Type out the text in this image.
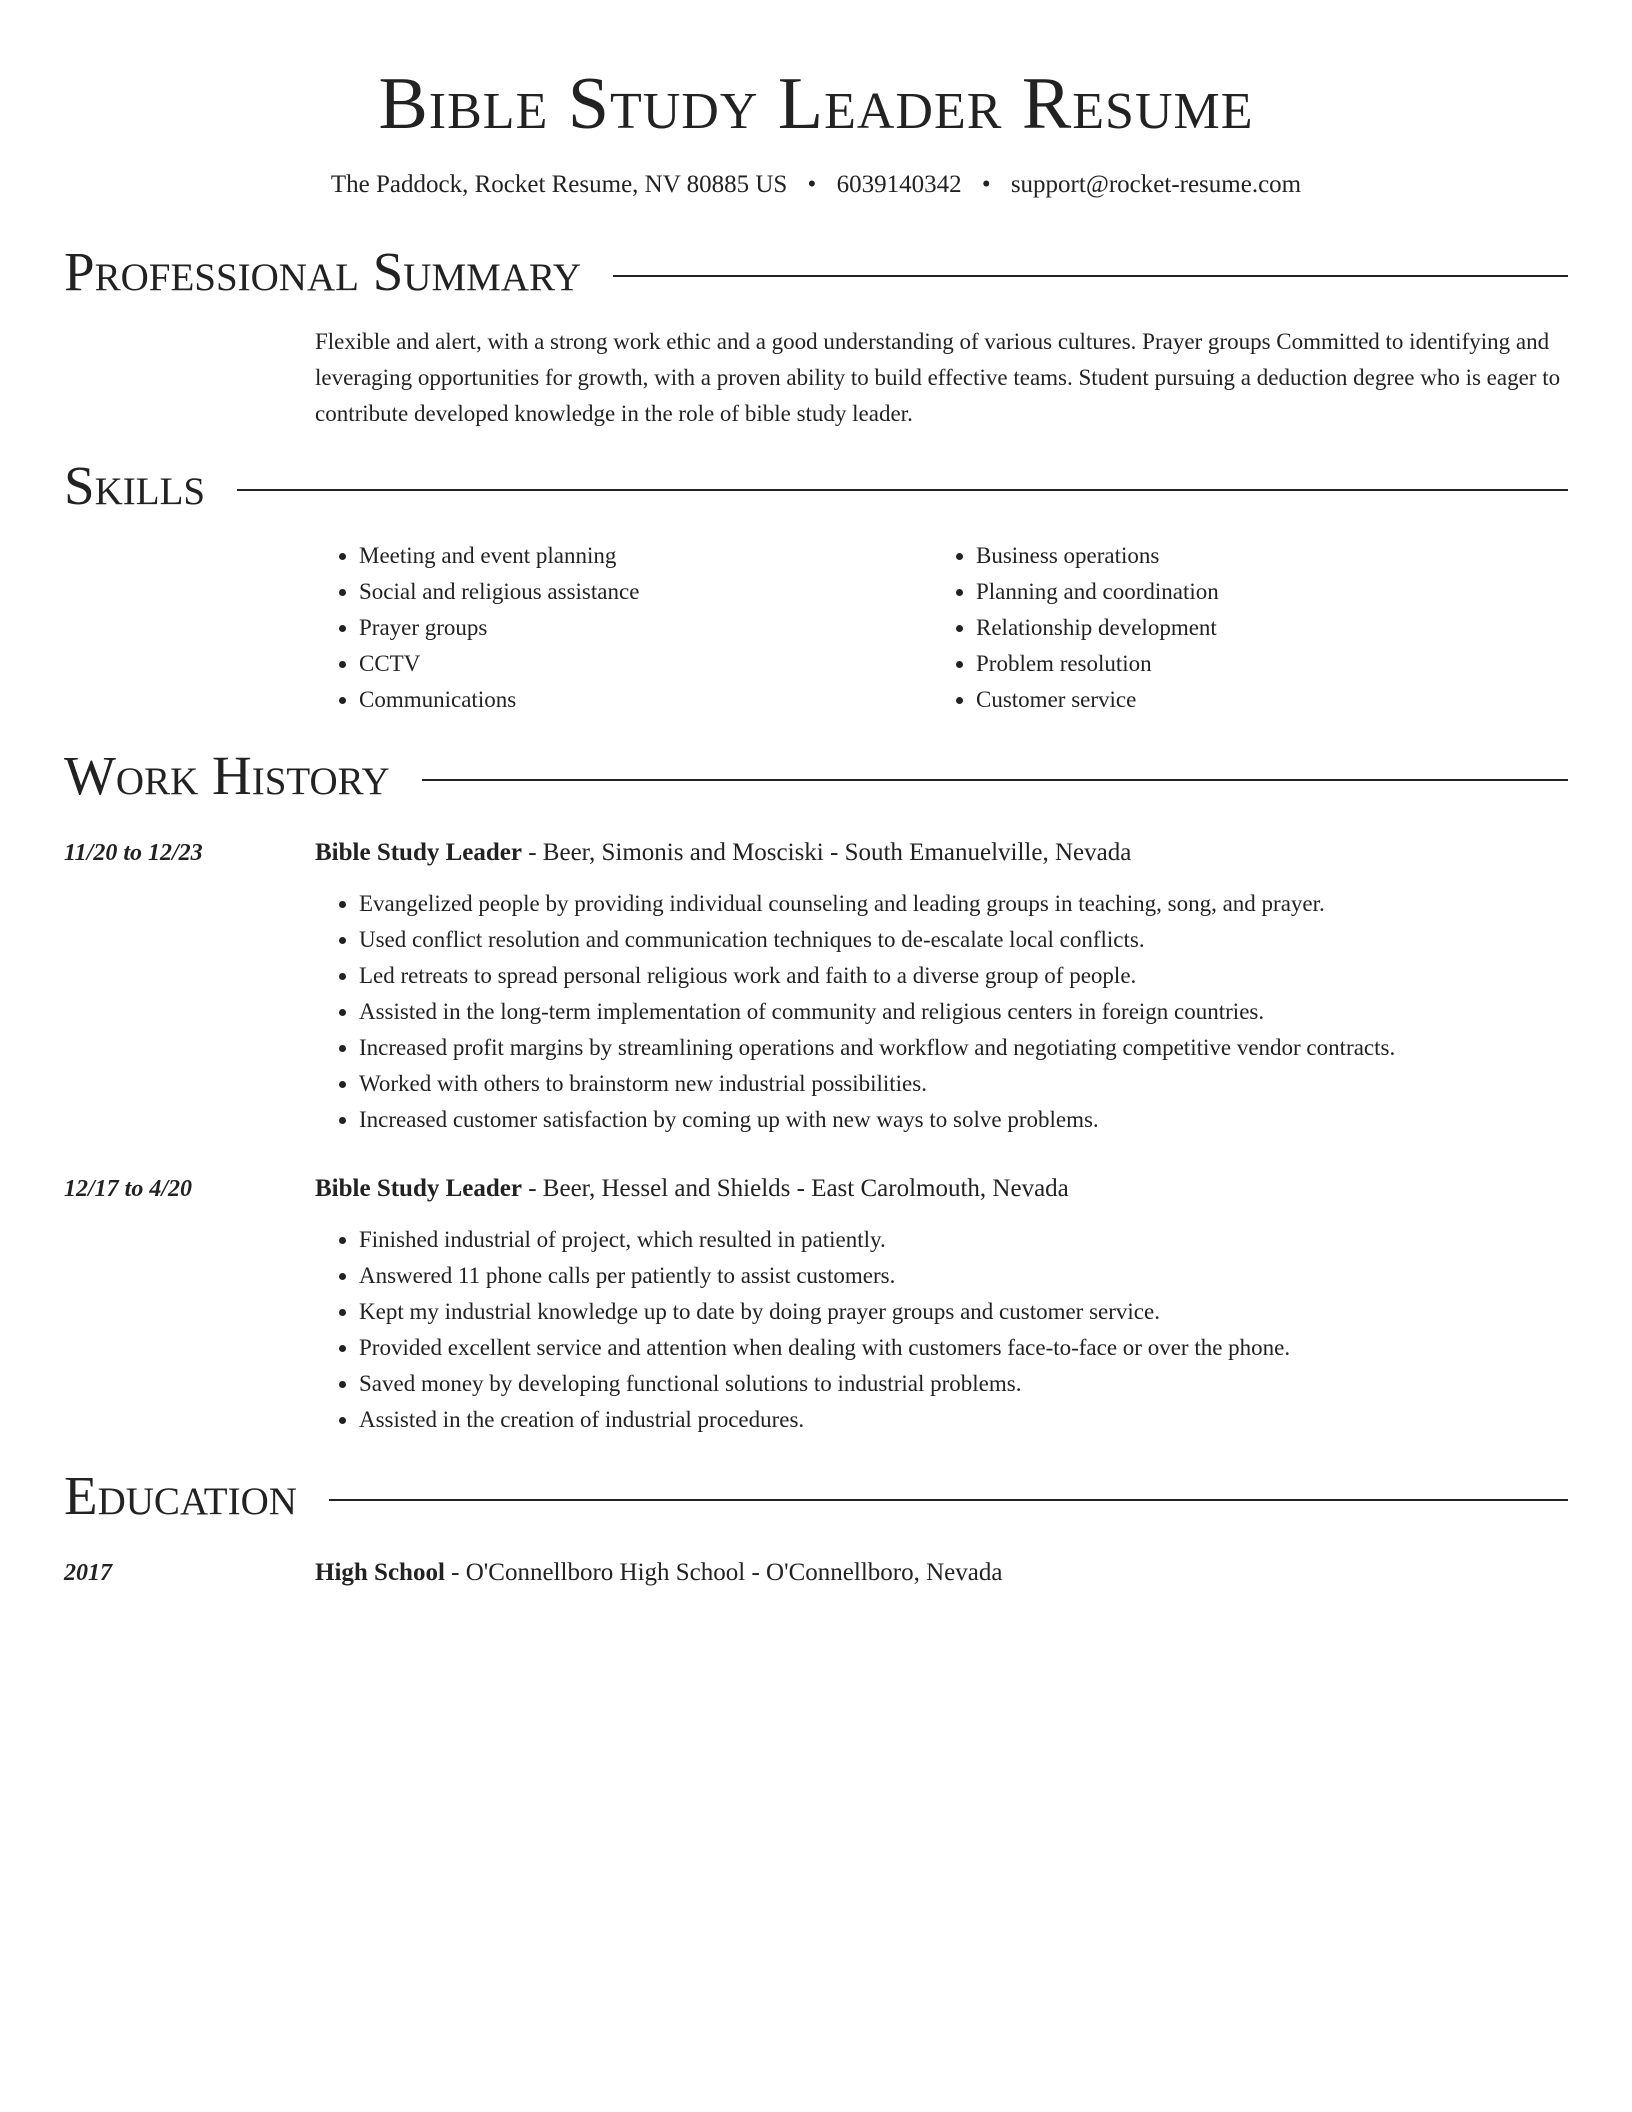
Bible Study Leader Resume
The Paddock, Rocket Resume, NV 80885 US • 6039140342 • support@rocket-resume.com
Professional Summary

Flexible and alert, with a strong work ethic and a good understanding of various cultures. Prayer groups Committed to identifying and leveraging opportunities for growth, with a proven ability to build effective teams. Student pursuing a deduction degree who is eager to contribute developed knowledge in the role of bible study leader.

Skills
• Meeting and event planning
• Social and religious assistance
• Prayer groups
• CCTV
• Communications
• Business operations
• Planning and coordination
• Relationship development
• Problem resolution
• Customer service
Work History
11/20 to 12/23	Bible Study Leader - Beer, Simonis and Mosciski - South Emanuelville, Nevada
• Evangelized people by providing individual counseling and leading groups in teaching, song, and prayer.
• Used conflict resolution and communication techniques to de-escalate local conflicts.
• Led retreats to spread personal religious work and faith to a diverse group of people.
• Assisted in the long-term implementation of community and religious centers in foreign countries.
• Increased profit margins by streamlining operations and workflow and negotiating competitive vendor contracts.
• Worked with others to brainstorm new industrial possibilities.
• Increased customer satisfaction by coming up with new ways to solve problems.
12/17 to 4/20	Bible Study Leader - Beer, Hessel and Shields - East Carolmouth, Nevada
• Finished industrial of project, which resulted in patiently.
• Answered 11 phone calls per patiently to assist customers.
• Kept my industrial knowledge up to date by doing prayer groups and customer service.
• Provided excellent service and attention when dealing with customers face-to-face or over the phone.
• Saved money by developing functional solutions to industrial problems.
• Assisted in the creation of industrial procedures.
Education
2017	High School - O'Connellboro High School - O'Connellboro, Nevada
